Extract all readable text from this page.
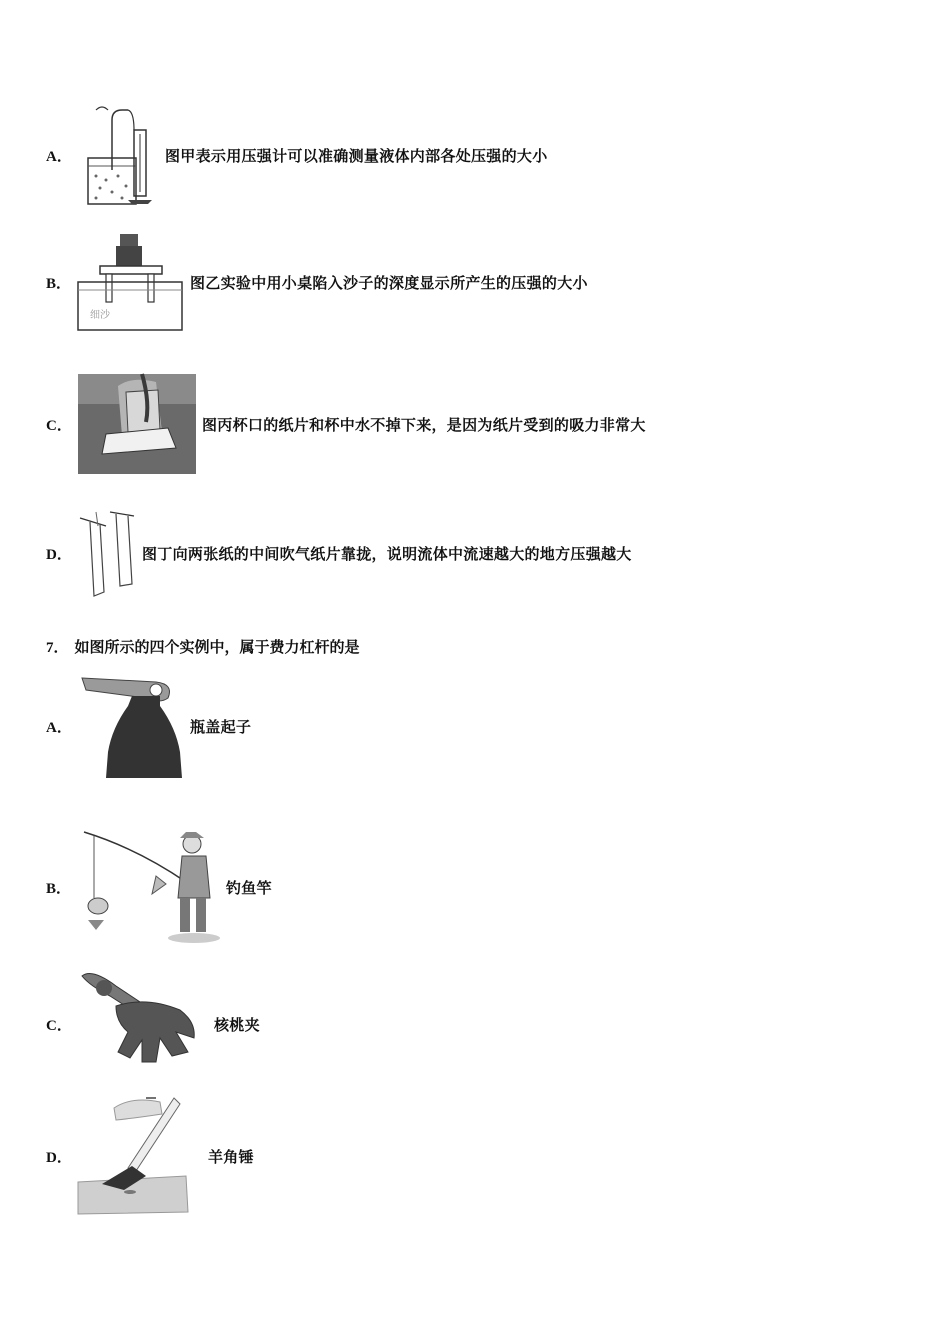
A．	图甲表示用压强计可以准确测量液体内部各处压强的大小
B．
细沙
图乙实验中用小桌陷入沙子的深度显示所产生的压强的大小
C．	图丙杯口的纸片和杯中水不掉下来，是因为纸片受到的吸力非常大
D．	图丁向两张纸的中间吹气纸片靠拢，说明流体中流速越大的地方压强越大
7． 如图所示的四个实例中，属于费力杠杆的是
A．	瓶盖起子
B．	钓鱼竿
C．	核桃夹
D．	羊角锤
